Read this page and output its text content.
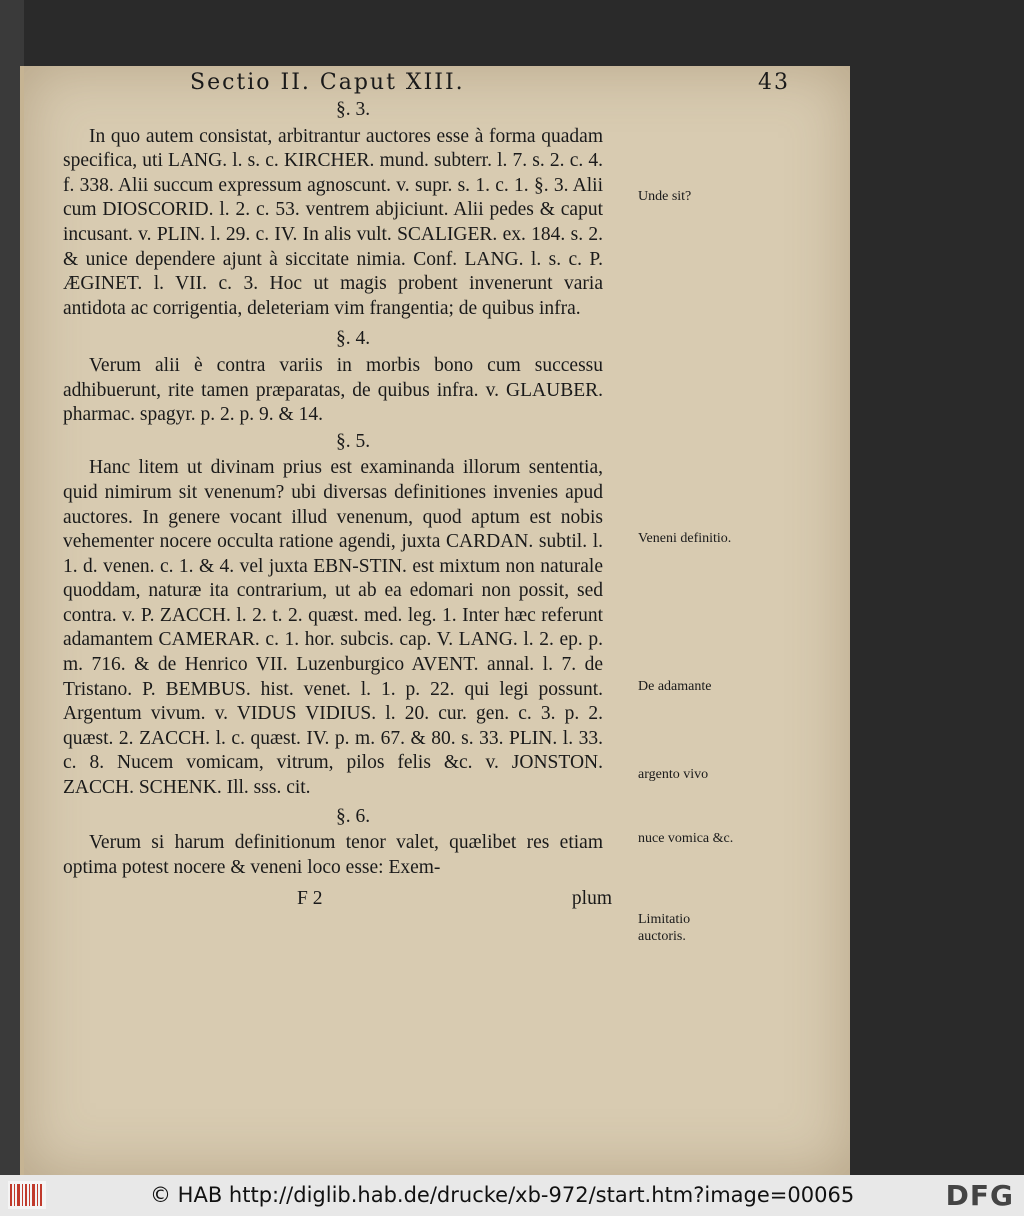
Sectio II. Caput XIII.	43
§. 3.

In quo autem consistat, arbitrantur auctores esse à forma quadam specifica, uti LANG. l. s. c. KIRCHER. mund. subterr. l. 7. s. 2. c. 4. f. 338. Alii succum expressum agnoscunt. v. supr. s. 1. c. 1. §. 3. Alii cum DIOSCORID. l. 2. c. 53. ventrem abjiciunt. Alii pedes & caput incusant. v. PLIN. l. 29. c. IV. In alis vult. SCALIGER. ex. 184. s. 2. & unice dependere ajunt à siccitate nimia. Conf. LANG. l. s. c. P. ÆGINET. l. VII. c. 3. Hoc ut magis probent invenerunt varia antidota ac corrigentia, deleteriam vim frangentia; de quibus infra.

§. 4.

Verum alii è contra variis in morbis bono cum successu adhibuerunt, rite tamen præparatas, de quibus infra. v. GLAUBER. pharmac. spagyr. p. 2. p. 9. & 14.

§. 5.

Hanc litem ut divinam prius est examinanda illorum sententia, quid nimirum sit venenum? ubi diversas definitiones invenies apud auctores. In genere vocant illud venenum, quod aptum est nobis vehementer nocere occulta ratione agendi, juxta CARDAN. subtil. l. 1. d. venen. c. 1. & 4. vel juxta EBN-STIN. est mixtum non naturale quoddam, naturæ ita contrarium, ut ab ea edomari non possit, sed contra. v. P. ZACCH. l. 2. t. 2. quæst. med. leg. 1. Inter hæc referunt adamantem CAMERAR. c. 1. hor. subcis. cap. V. LANG. l. 2. ep. p. m. 716. & de Henrico VII. Luzenburgico AVENT. annal. l. 7. de Tristano. P. BEMBUS. hist. venet. l. 1. p. 22. qui legi possunt. Argentum vivum. v. VIDUS VIDIUS. l. 20. cur. gen. c. 3. p. 2. quæst. 2. ZACCH. l. c. quæst. IV. p. m. 67. & 80. s. 33. PLIN. l. 33. c. 8. Nucem vomicam, vitrum, pilos felis &c. v. JONSTON. ZACCH. SCHENK. Ill. sss. cit.

§. 6.

Verum si harum definitionum tenor valet, quælibet res etiam optima potest nocere & veneni loco esse: Exem-

F 2	plum
Unde sit?
Veneni definitio.
De adamante
argento vivo
nuce vomica &c.
Limitatio auctoris.
© HAB http://diglib.hab.de/drucke/xb-972/start.htm?image=00065	DFG
